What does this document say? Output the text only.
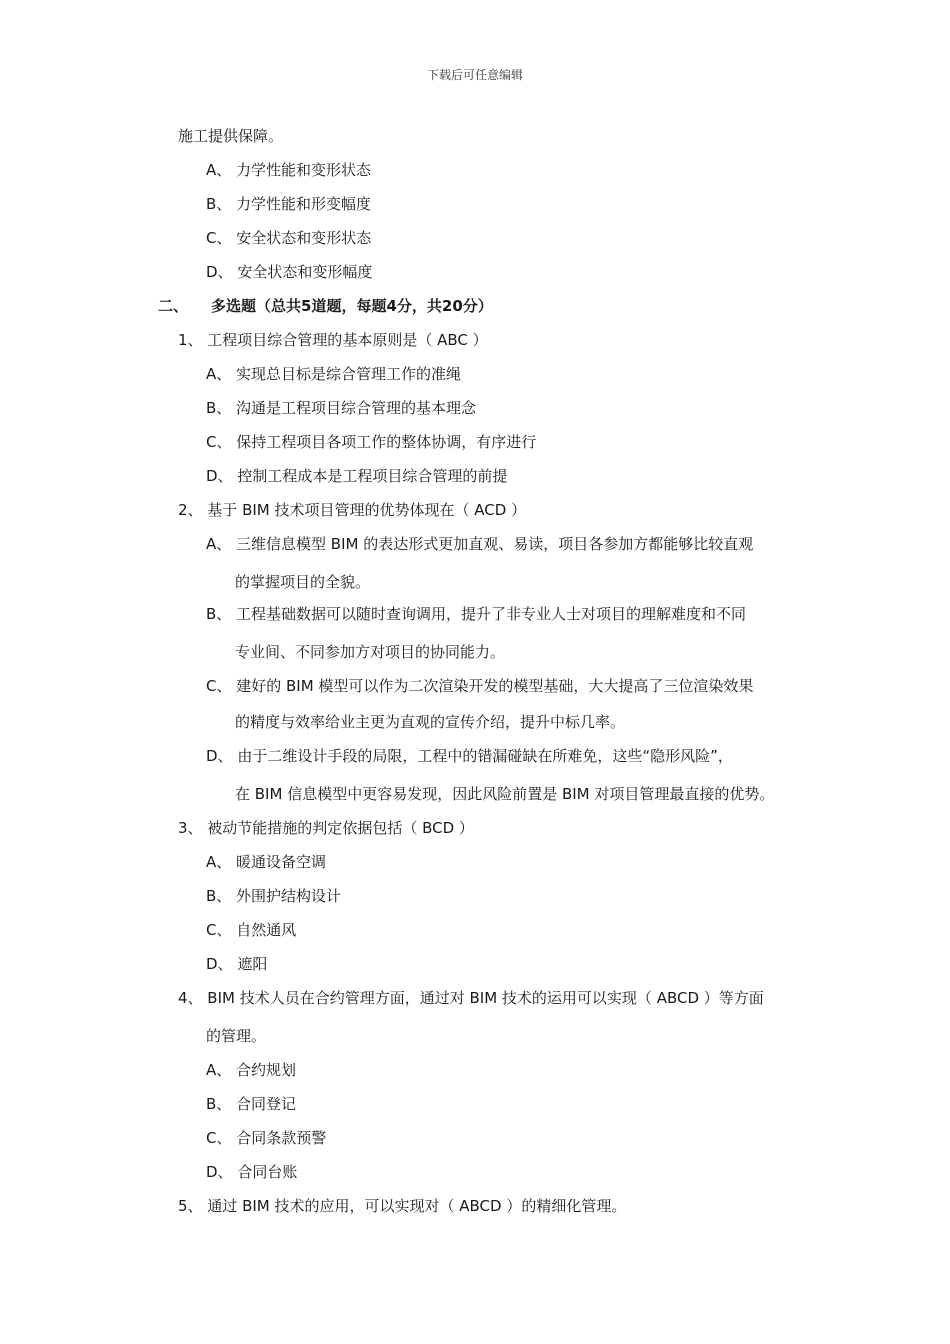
下载后可任意编辑
施工提供保障。
A、 力学性能和变形状态
B、 力学性能和形变幅度
C、 安全状态和变形状态
D、 安全状态和变形幅度
二、 多选题（总共5道题，每题4分，共20分）
1、 工程项目综合管理的基本原则是（ ABC ）
A、 实现总目标是综合管理工作的准绳
B、 沟通是工程项目综合管理的基本理念
C、 保持工程项目各项工作的整体协调，有序进行
D、 控制工程成本是工程项目综合管理的前提
2、 基于 BIM 技术项目管理的优势体现在（ ACD ）
A、 三维信息模型 BIM 的表达形式更加直观、易读，项目各参加方都能够比较直观
的掌握项目的全貌。
B、 工程基础数据可以随时查询调用，提升了非专业人士对项目的理解难度和不同
专业间、不同参加方对项目的协同能力。
C、 建好的 BIM 模型可以作为二次渲染开发的模型基础，大大提高了三位渲染效果
的精度与效率给业主更为直观的宣传介绍，提升中标几率。
D、 由于二维设计手段的局限，工程中的错漏碰缺在所难免，这些“隐形风险”，
在 BIM 信息模型中更容易发现，因此风险前置是 BIM 对项目管理最直接的优势。
3、 被动节能措施的判定依据包括（ BCD ）
A、 暖通设备空调
B、 外围护结构设计
C、 自然通风
D、 遮阳
4、 BIM 技术人员在合约管理方面，通过对 BIM 技术的运用可以实现（ ABCD ）等方面
的管理。
A、 合约规划
B、 合同登记
C、 合同条款预警
D、 合同台账
5、 通过 BIM 技术的应用，可以实现对（ ABCD ）的精细化管理。
